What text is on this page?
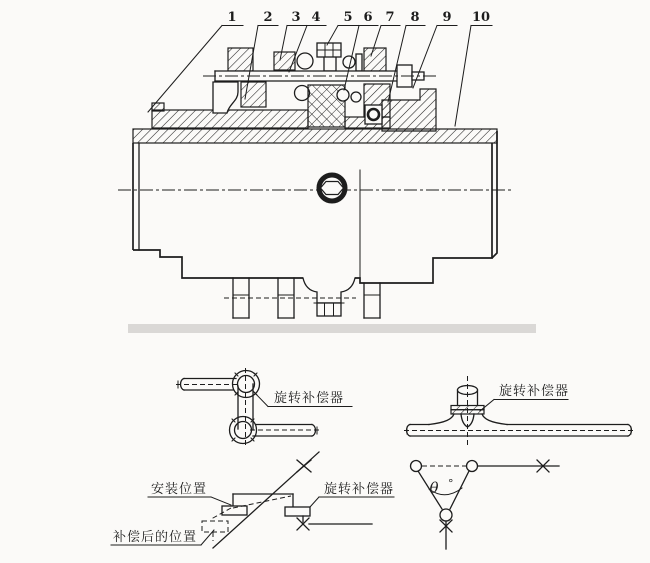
1 2 3 4 5 6 7 8 9 10
旋转补偿器	旋转补偿器
安装位置
补偿后的位置
旋转补偿器 θ °
